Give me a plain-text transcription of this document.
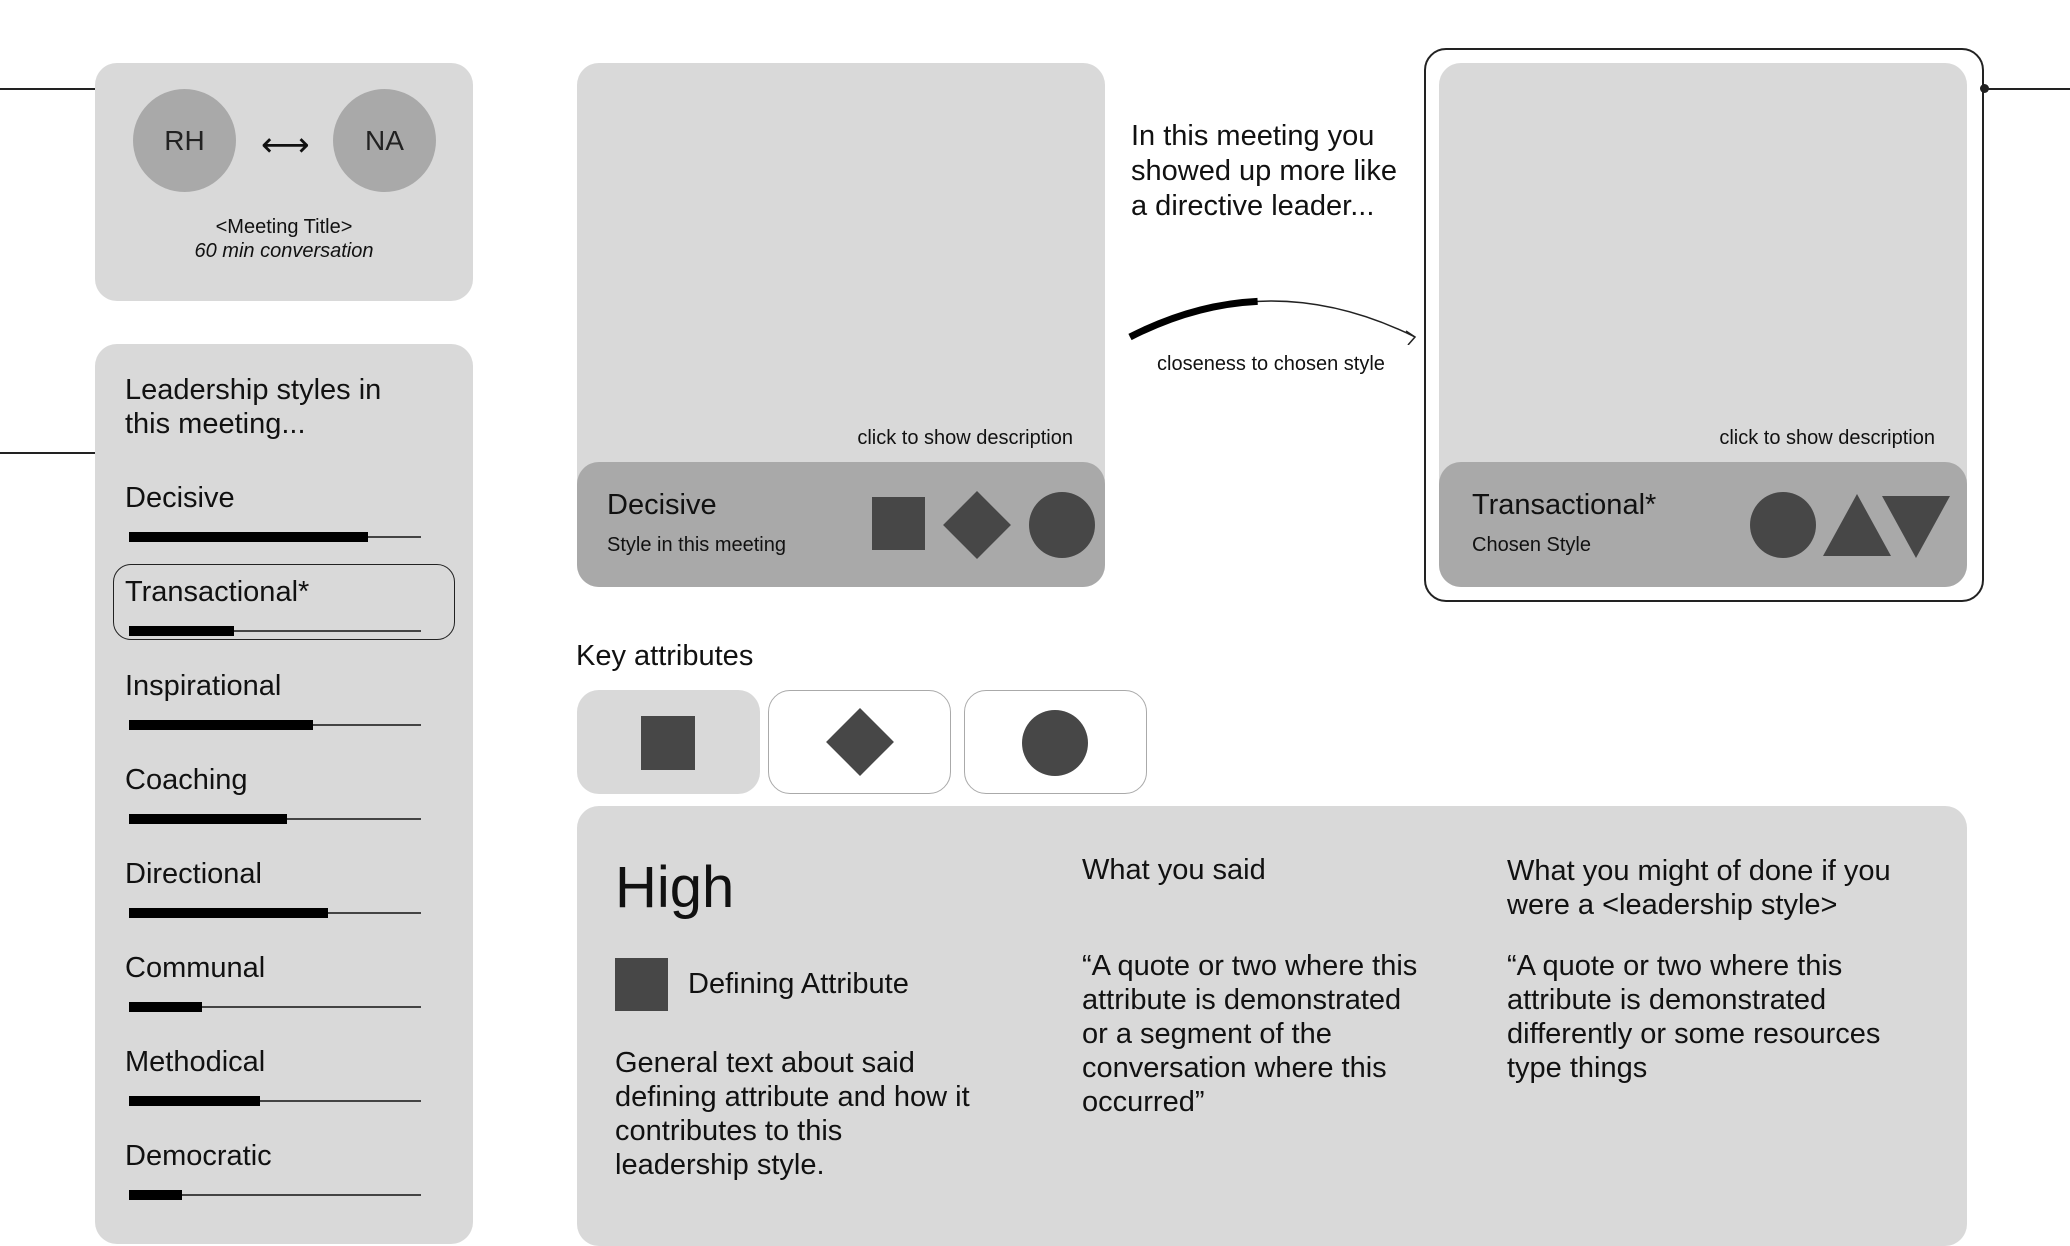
RH	⟷	NA
<Meeting Title>
60 min conversation
Leadership styles in
this meeting...
Decisive
Transactional*
Inspirational
Coaching
Directional
Communal
Methodical
Democratic
click to show description
Decisive
Style in this meeting
In this meeting you
showed up more like
a directive leader...
closeness to chosen style
click to show description
Transactional*
Chosen Style
Key attributes
High
Defining Attribute
General text about said defining attribute and how it contributes to this leadership style.
What you said
“A quote or two where this attribute is demonstrated or a segment of the conversation where this occurred”
What you might of done if you were a <leadership style>
“A quote or two where this attribute is demonstrated differently or some resources type things
